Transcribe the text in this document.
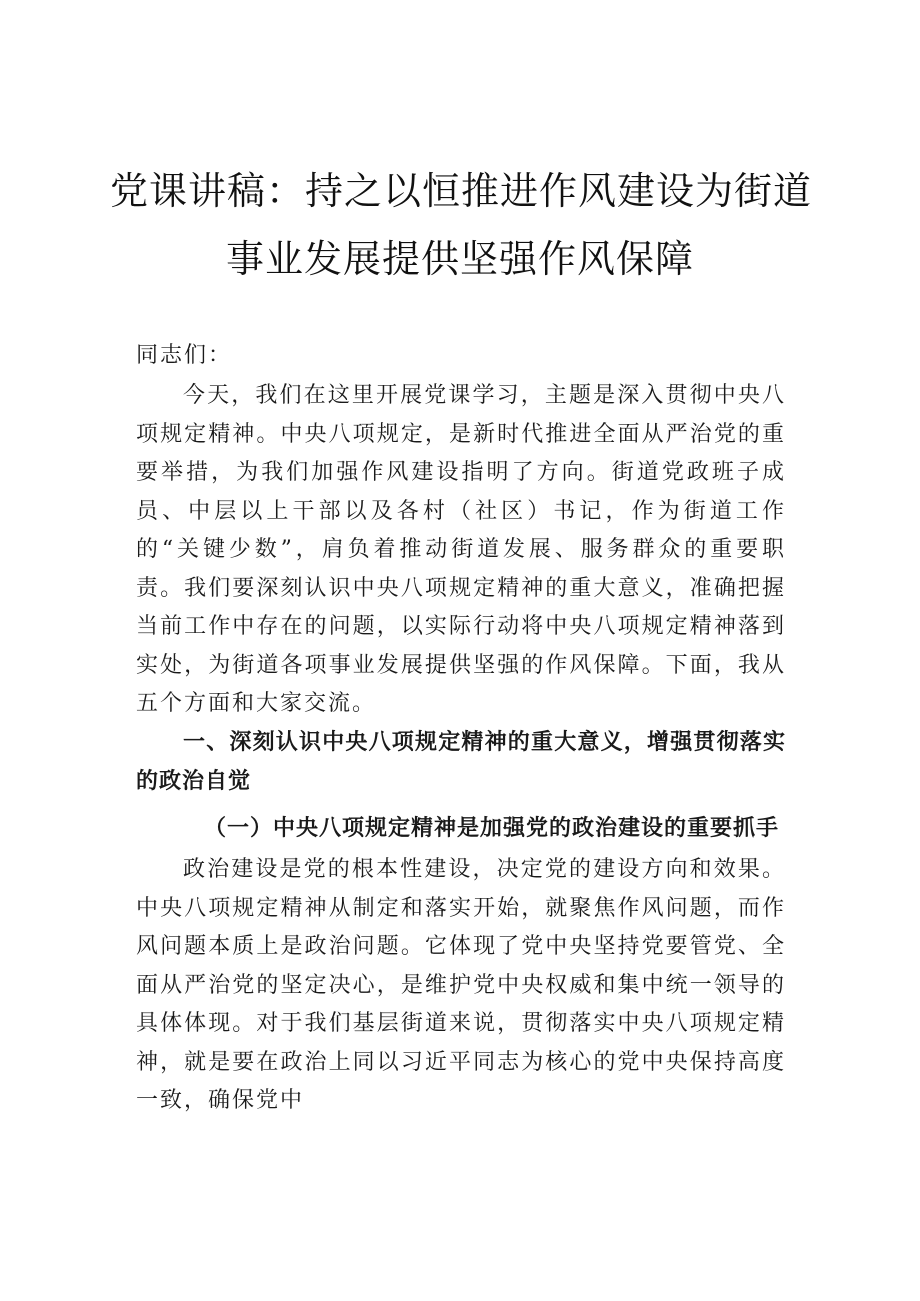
党课讲稿：持之以恒推进作风建设为街道
事业发展提供坚强作风保障
同志们：
今天，我们在这里开展党课学习，主题是深入贯彻中央八项规定精神。中央八项规定，是新时代推进全面从严治党的重要举措，为我们加强作风建设指明了方向。街道党政班子成员、中层以上干部以及各村（社区）书记，作为街道工作的“关键少数”，肩负着推动街道发展、服务群众的重要职责。我们要深刻认识中央八项规定精神的重大意义，准确把握当前工作中存在的问题，以实际行动将中央八项规定精神落到实处，为街道各项事业发展提供坚强的作风保障。下面，我从五个方面和大家交流。
一、深刻认识中央八项规定精神的重大意义，增强贯彻落实的政治自觉
（一）中央八项规定精神是加强党的政治建设的重要抓手
政治建设是党的根本性建设，决定党的建设方向和效果。中央八项规定精神从制定和落实开始，就聚焦作风问题，而作风问题本质上是政治问题。它体现了党中央坚持党要管党、全面从严治党的坚定决心，是维护党中央权威和集中统一领导的具体体现。对于我们基层街道来说，贯彻落实中央八项规定精神，就是要在政治上同以习近平同志为核心的党中央保持高度一致，确保党中
